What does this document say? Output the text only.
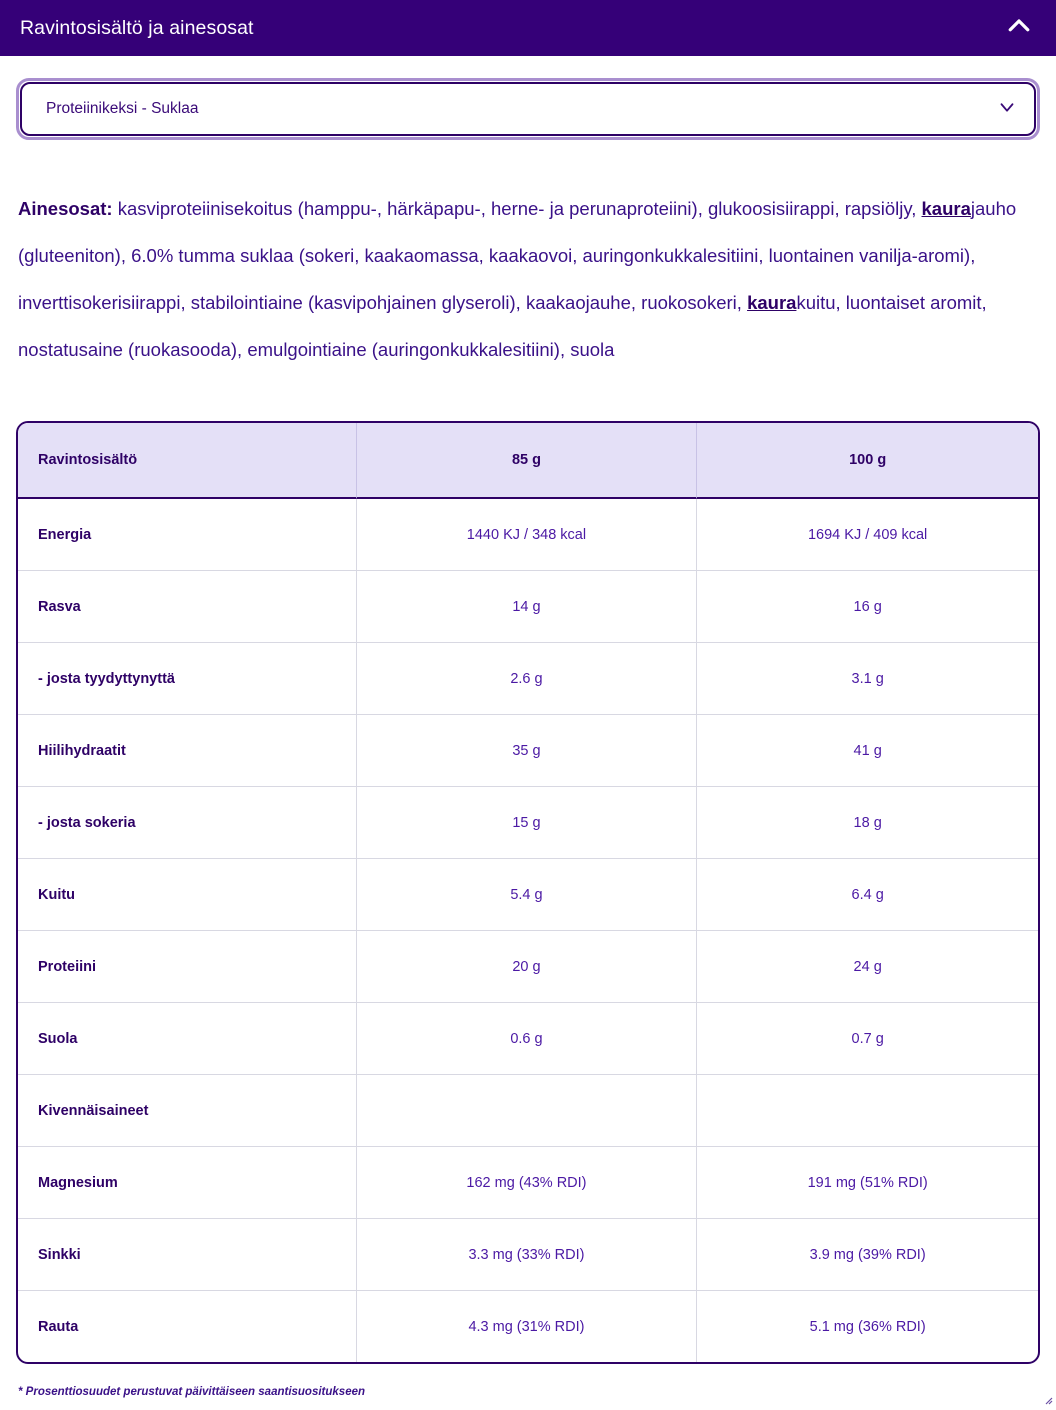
Ravintosisältö ja ainesosat
Proteiinikeksi - Suklaa

Ainesosat: kasviproteiinisekoitus (hamppu-, härkäpapu-, herne- ja perunaproteiini), glukoosisiirappi, rapsiöljy, kaurajauho (gluteeniton), 6.0% tumma suklaa (sokeri, kaakaomassa, kaakaovoi, auringonkukkalesitiini, luontainen vanilja-aromi), inverttisokerisiirappi, stabilointiaine (kasvipohjainen glyseroli), kaakaojauhe, ruokosokeri, kaurakuitu, luontaiset aromit, nostatusaine (ruokasooda), emulgointiaine (auringonkukkalesitiini), suola

Ravintosisältö	85 g	100 g
Energia	1440 KJ / 348 kcal	1694 KJ / 409 kcal
Rasva	14 g	16 g
- josta tyydyttynyttä	2.6 g	3.1 g
Hiilihydraatit	35 g	41 g
- josta sokeria	15 g	18 g
Kuitu	5.4 g	6.4 g
Proteiini	20 g	24 g
Suola	0.6 g	0.7 g
Kivennäisaineet		
Magnesium	162 mg (43% RDI)	191 mg (51% RDI)
Sinkki	3.3 mg (33% RDI)	3.9 mg (39% RDI)
Rauta	4.3 mg (31% RDI)	5.1 mg (36% RDI)
* Prosenttiosuudet perustuvat päivittäiseen saantisuositukseen
